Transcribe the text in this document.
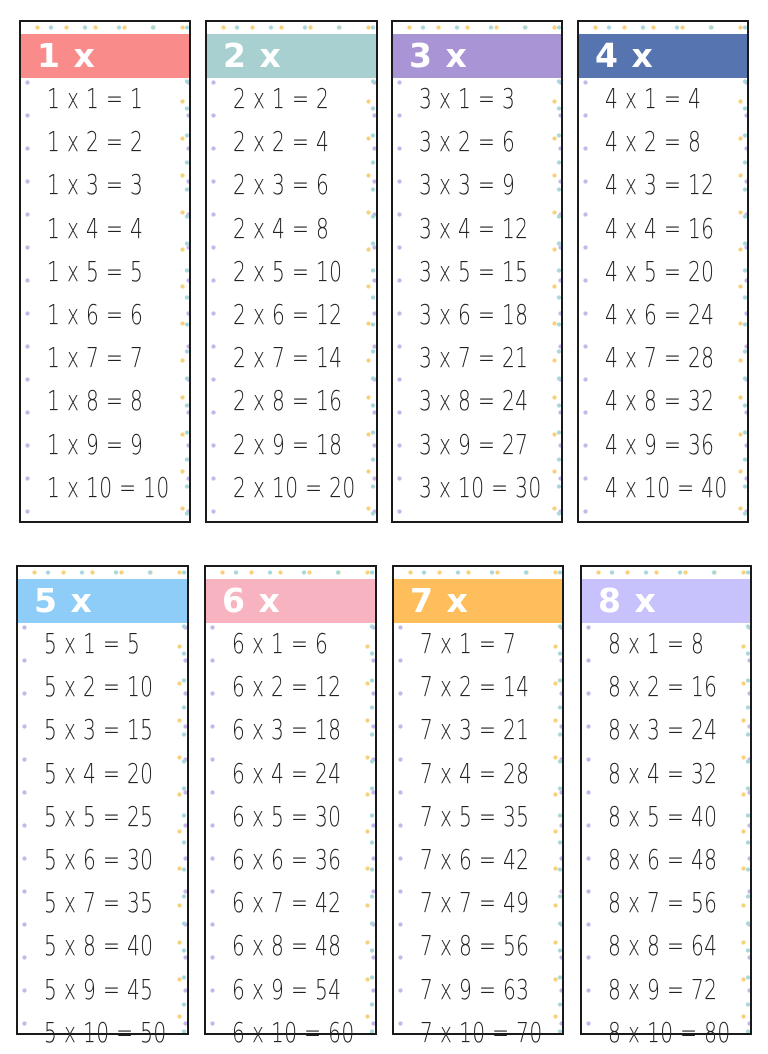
1 x
1 x 1 = 1
1 x 2 = 2
1 x 3 = 3
1 x 4 = 4
1 x 5 = 5
1 x 6 = 6
1 x 7 = 7
1 x 8 = 8
1 x 9 = 9
1 x 10 = 10
2 x
2 x 1 = 2
2 x 2 = 4
2 x 3 = 6
2 x 4 = 8
2 x 5 = 10
2 x 6 = 12
2 x 7 = 14
2 x 8 = 16
2 x 9 = 18
2 x 10 = 20
3 x
3 x 1 = 3
3 x 2 = 6
3 x 3 = 9
3 x 4 = 12
3 x 5 = 15
3 x 6 = 18
3 x 7 = 21
3 x 8 = 24
3 x 9 = 27
3 x 10 = 30
4 x
4 x 1 = 4
4 x 2 = 8
4 x 3 = 12
4 x 4 = 16
4 x 5 = 20
4 x 6 = 24
4 x 7 = 28
4 x 8 = 32
4 x 9 = 36
4 x 10 = 40
5 x
5 x 1 = 5
5 x 2 = 10
5 x 3 = 15
5 x 4 = 20
5 x 5 = 25
5 x 6 = 30
5 x 7 = 35
5 x 8 = 40
5 x 9 = 45
5 x 10 = 50
6 x
6 x 1 = 6
6 x 2 = 12
6 x 3 = 18
6 x 4 = 24
6 x 5 = 30
6 x 6 = 36
6 x 7 = 42
6 x 8 = 48
6 x 9 = 54
6 x 10 = 60
7 x
7 x 1 = 7
7 x 2 = 14
7 x 3 = 21
7 x 4 = 28
7 x 5 = 35
7 x 6 = 42
7 x 7 = 49
7 x 8 = 56
7 x 9 = 63
7 x 10 = 70
8 x
8 x 1 = 8
8 x 2 = 16
8 x 3 = 24
8 x 4 = 32
8 x 5 = 40
8 x 6 = 48
8 x 7 = 56
8 x 8 = 64
8 x 9 = 72
8 x 10 = 80
